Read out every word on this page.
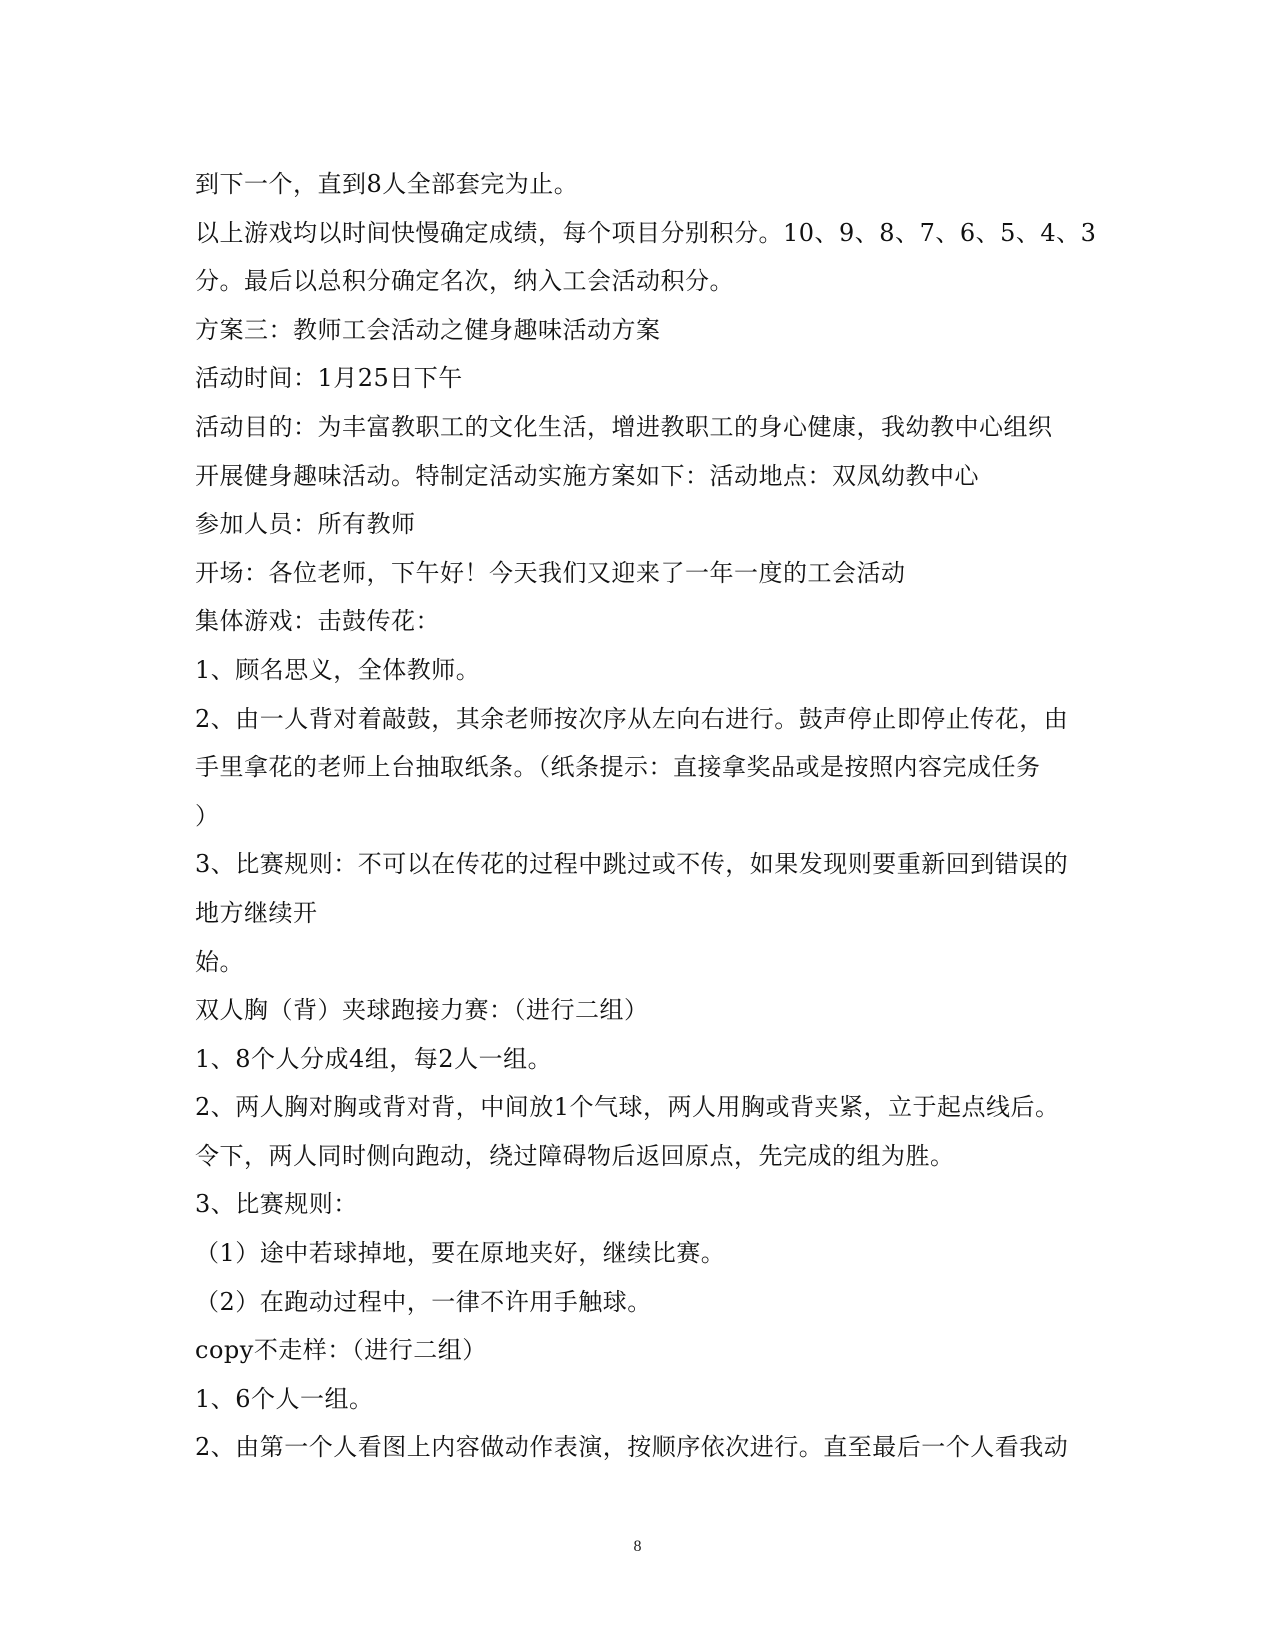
到下一个，直到8人全部套完为止。
以上游戏均以时间快慢确定成绩，每个项目分别积分。10、9、8、7、6、5、4、3
分。最后以总积分确定名次，纳入工会活动积分。
方案三：教师工会活动之健身趣味活动方案
活动时间：1月25日下午
活动目的：为丰富教职工的文化生活，增进教职工的身心健康，我幼教中心组织
开展健身趣味活动。特制定活动实施方案如下：活动地点：双凤幼教中心
参加人员：所有教师
开场：各位老师，下午好！今天我们又迎来了一年一度的工会活动
集体游戏：击鼓传花：
1、顾名思义，全体教师。
2、由一人背对着敲鼓，其余老师按次序从左向右进行。鼓声停止即停止传花，由
手里拿花的老师上台抽取纸条。（纸条提示：直接拿奖品或是按照内容完成任务
）
3、比赛规则：不可以在传花的过程中跳过或不传，如果发现则要重新回到错误的
地方继续开
始。
双人胸（背）夹球跑接力赛：（进行二组）
1、8个人分成4组，每2人一组。
2、两人胸对胸或背对背，中间放1个气球，两人用胸或背夹紧，立于起点线后。
令下，两人同时侧向跑动，绕过障碍物后返回原点，先完成的组为胜。
3、比赛规则：
（1）途中若球掉地，要在原地夹好，继续比赛。
（2）在跑动过程中，一律不许用手触球。
copy不走样：（进行二组）
1、6个人一组。
2、由第一个人看图上内容做动作表演，按顺序依次进行。直至最后一个人看我动
8
